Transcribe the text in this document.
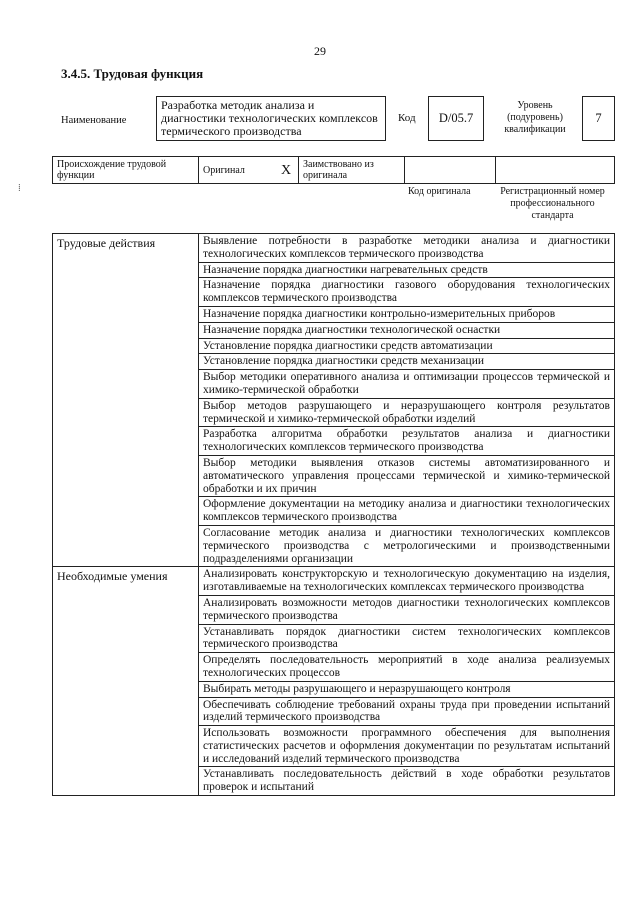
29
3.4.5. Трудовая функция
Наименование
Разработка методик анализа и диагностики технологических комплексов термического производства
Код	D/05.7
Уровень (подуровень) квалификации
7
⁞
Происхождение трудовой функции	Оригинал	X	Заимствовано из оригинала		
Код оригинала	Регистрационный номер профессионального стандарта
Трудовые действия	Выявление потребности в разработке методики анализа и диагностики технологических комплексов термического производства
	Назначение порядка диагностики нагревательных средств
	Назначение порядка диагностики газового оборудования технологических комплексов термического производства
	Назначение порядка диагностики контрольно-измерительных приборов
	Назначение порядка диагностики технологической оснастки
	Установление порядка диагностики средств автоматизации
	Установление порядка диагностики средств механизации
	Выбор методики оперативного анализа и оптимизации процессов термической и химико-термической обработки
	Выбор методов разрушающего и неразрушающего контроля результатов термической и химико-термической обработки изделий
	Разработка алгоритма обработки результатов анализа и диагностики технологических комплексов термического производства
	Выбор методики выявления отказов системы автоматизированного и автоматического управления процессами термической и химико-термической обработки и их причин
	Оформление документации на методику анализа и диагностики технологических комплексов термического производства
	Согласование методик анализа и диагностики технологических комплексов термического производства с метрологическими и производственными подразделениями организации
Необходимые умения	Анализировать конструкторскую и технологическую документацию на изделия, изготавливаемые на технологических комплексах термического производства
	Анализировать возможности методов диагностики технологических комплексов термического производства
	Устанавливать порядок диагностики систем технологических комплексов термического производства
	Определять последовательность мероприятий в ходе анализа реализуемых технологических процессов
	Выбирать методы разрушающего и неразрушающего контроля
	Обеспечивать соблюдение требований охраны труда при проведении испытаний изделий термического производства
	Использовать возможности программного обеспечения для выполнения статистических расчетов и оформления документации по результатам испытаний и исследований изделий термического производства
	Устанавливать последовательность действий в ходе обработки результатов проверок и испытаний
